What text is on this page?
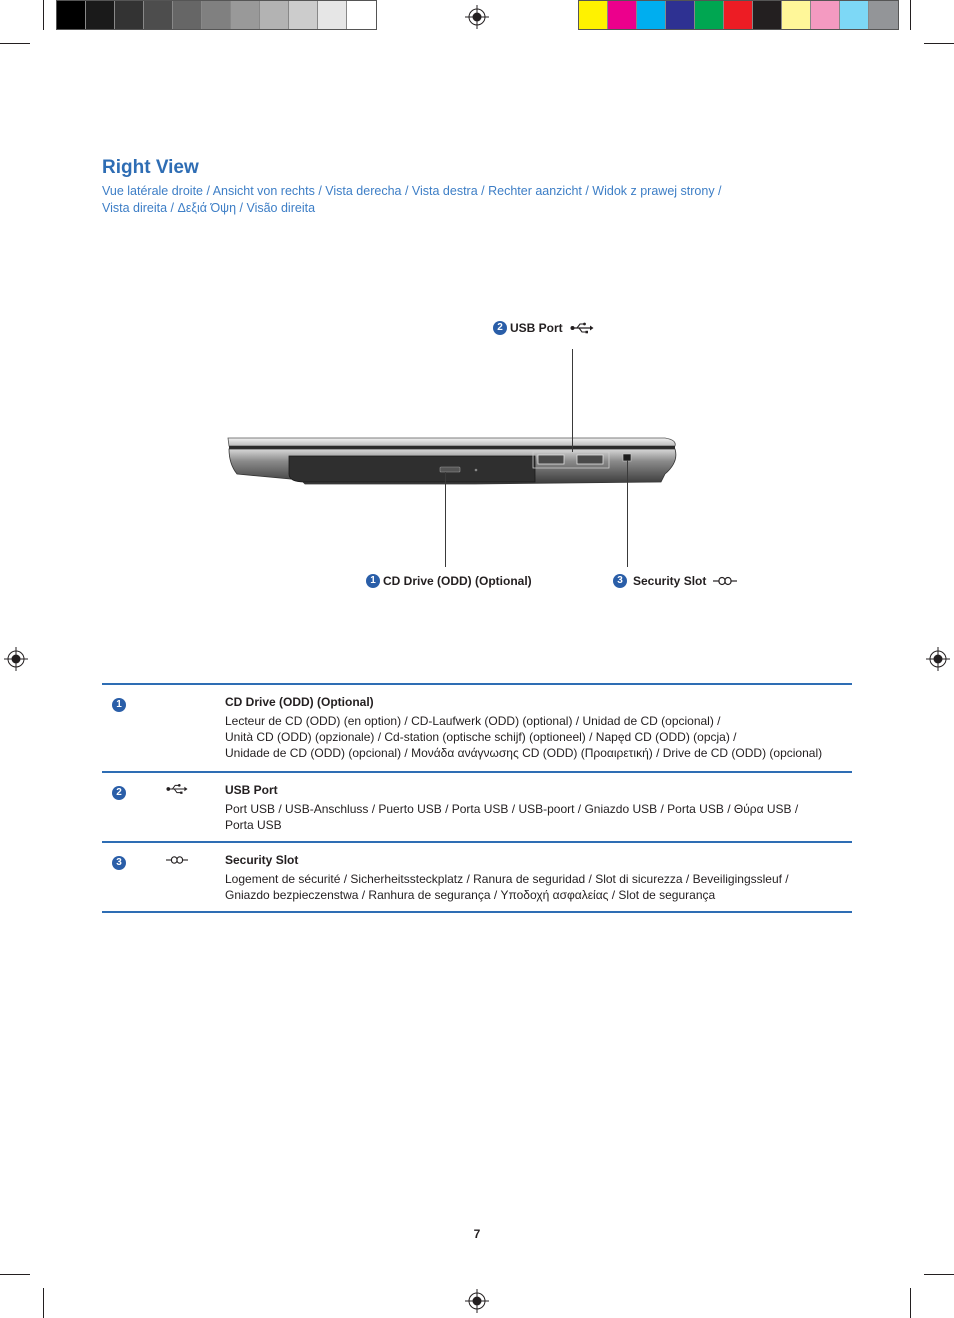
Right View
Vue latérale droite / Ansicht von rechts / Vista derecha / Vista destra / Rechter aanzicht / Widok z prawej strony /
Vista direita / Δεξιά Όψη / Visão direita
2 USB Port
1 CD Drive (ODD) (Optional)	3 Security Slot
1	CD Drive (ODD) (Optional)
Lecteur de CD (ODD) (en option) / CD-Laufwerk (ODD) (optional) / Unidad de CD (opcional) /
Unità CD (ODD) (opzionale) / Cd-station (optische schijf) (optioneel) / Napęd CD (ODD) (opcja) /
Unidade de CD (ODD) (opcional) / Μονάδα ανάγνωσης CD (ODD) (Προαιρετική) / Drive de CD (ODD) (opcional)
2	USB Port
Port USB / USB-Anschluss / Puerto USB / Porta USB / USB-poort / Gniazdo USB / Porta USB / Θύρα USB /
Porta USB
3	Security Slot
Logement de sécurité / Sicherheitssteckplatz / Ranura de seguridad / Slot di sicurezza / Beveiligingssleuf /
Gniazdo bezpieczenstwa / Ranhura de segurança / Υποδοχή ασφαλείας / Slot de segurança
7
